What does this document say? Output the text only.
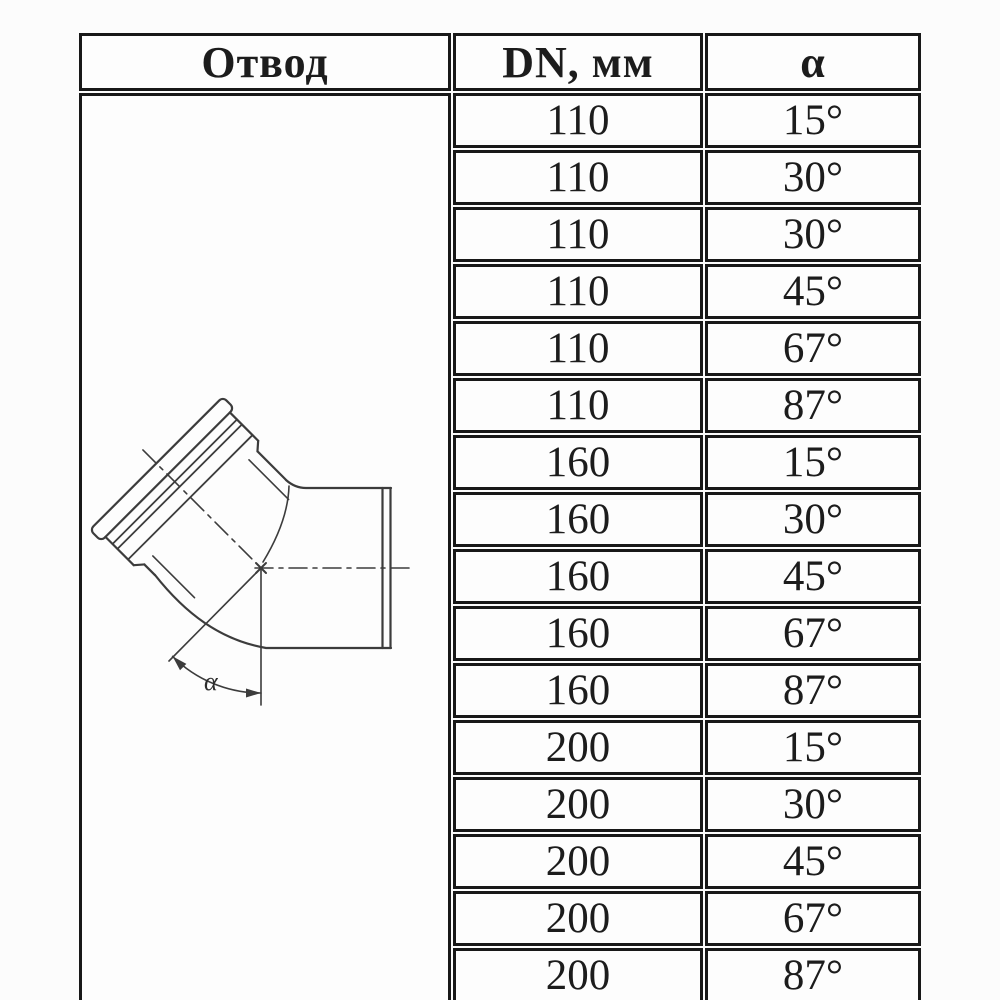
Отвод	DN, мм	α

α	110	15°
	110	30°
	110	30°
	110	45°
	110	67°
	110	87°
	160	15°
	160	30°
	160	45°
	160	67°
	160	87°
	200	15°
	200	30°
	200	45°
	200	67°
	200	87°
